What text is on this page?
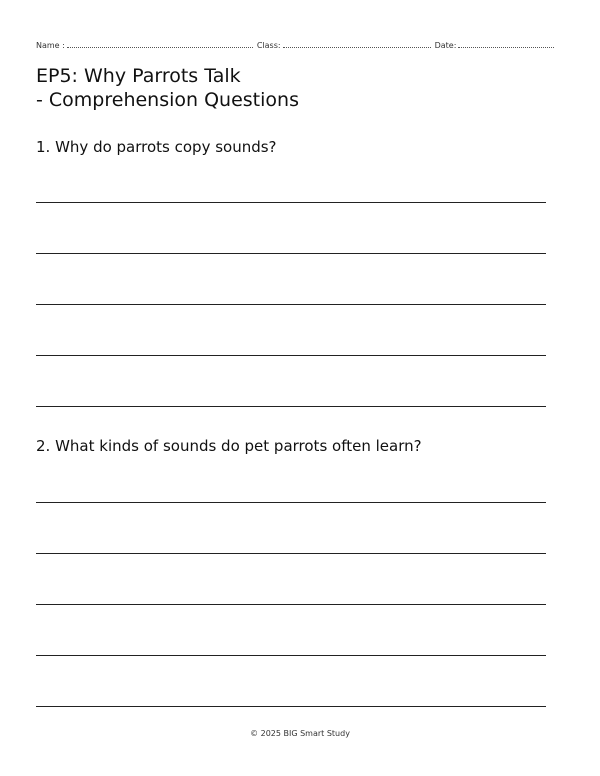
Name :	Class:	Date:
EP5: Why Parrots Talk
- Comprehension Questions

1. Why do parrots copy sounds?

2. What kinds of sounds do pet parrots often learn?

© 2025 BIG Smart Study
